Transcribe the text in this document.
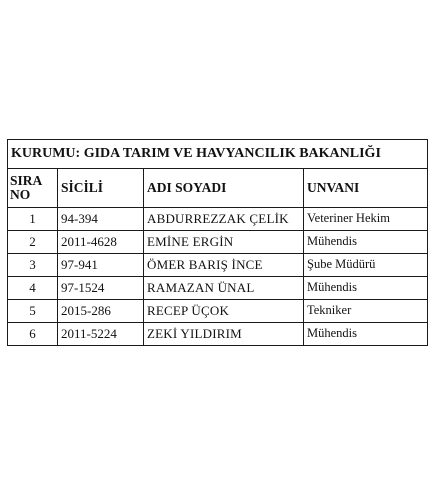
KURUMU: GIDA TARIM VE HAVYANCILIK BAKANLIĞI			

SIRA
NO	SİCİLİ	ADI SOYADI	UNVANI
1	94-394	ABDURREZZAK ÇELİK	Veteriner Hekim
2	2011-4628	EMİNE ERGİN	Mühendis
3	97-941	ÖMER BARIŞ İNCE	Şube Müdürü
4	97-1524	RAMAZAN ÜNAL	Mühendis
5	2015-286	RECEP ÜÇOK	Tekniker
6	2011-5224	ZEKİ YILDIRIM	Mühendis
